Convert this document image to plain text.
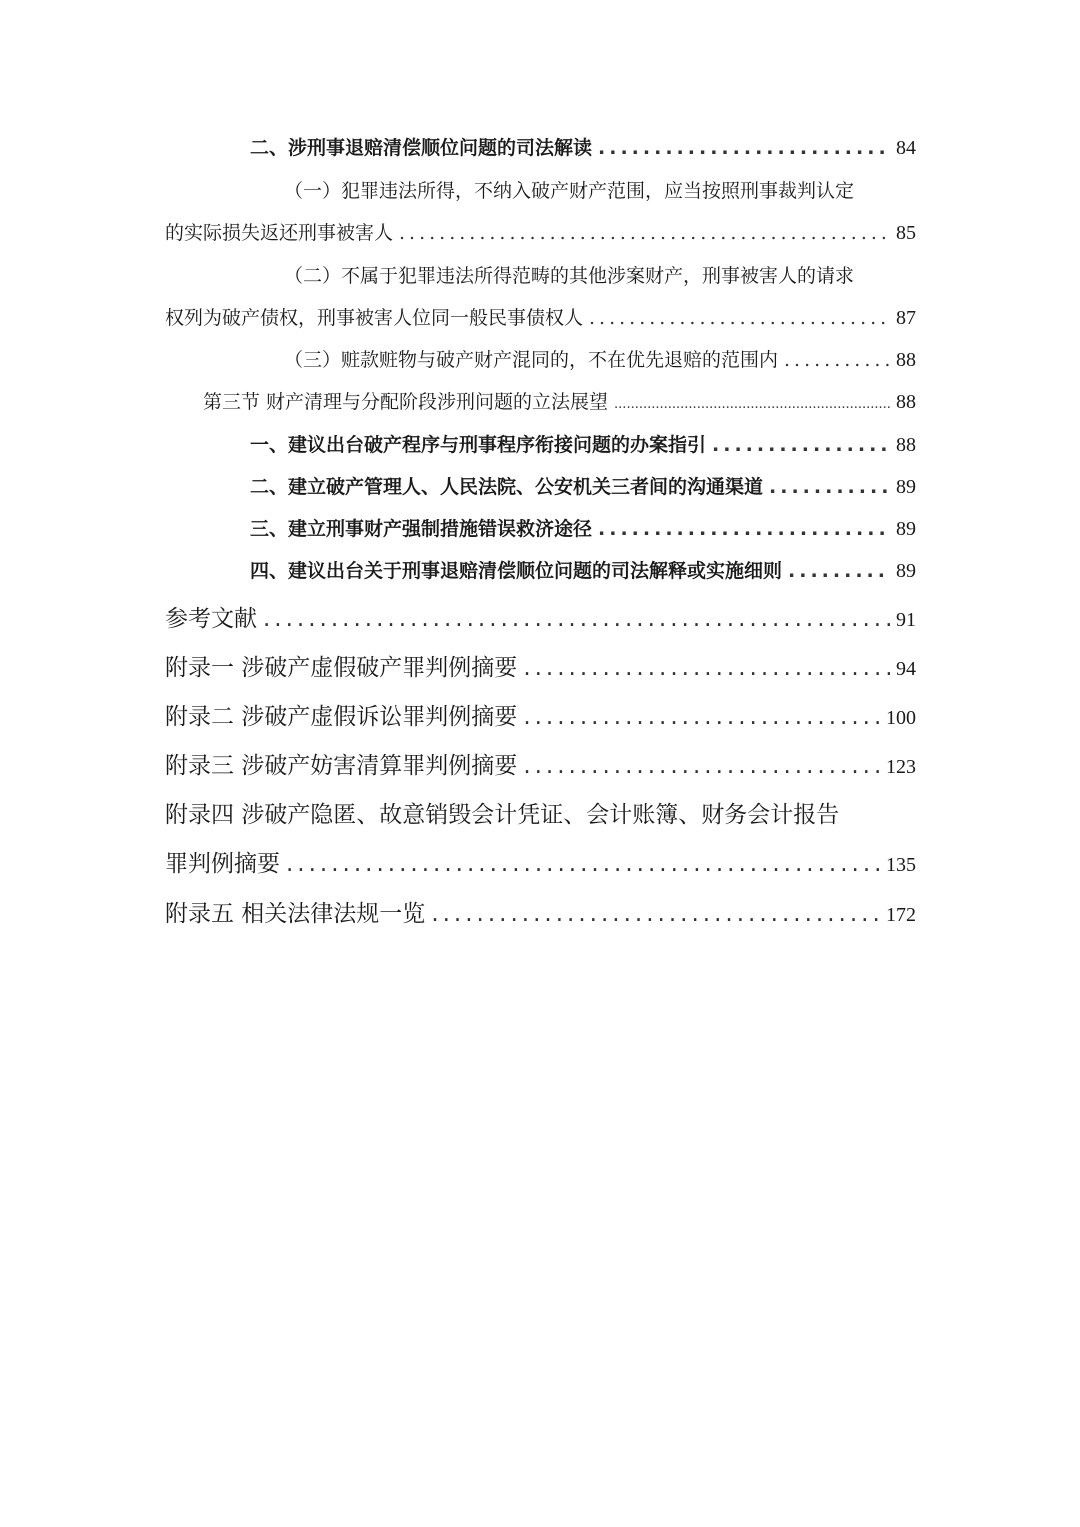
二、涉刑事退赔清偿顺位问题的司法解读 .....	84
（一）犯罪违法所得，不纳入破产财产范围，应当按照刑事裁判认定
的实际损失返还刑事被害人 .....	85
（二）不属于犯罪违法所得范畴的其他涉案财产，刑事被害人的请求
权列为破产债权，刑事被害人位同一般民事债权人 .....	87
（三）赃款赃物与破产财产混同的，不在优先退赔的范围内 .....	88
第三节 财产清理与分配阶段涉刑问题的立法展望 .....	88
一、建议出台破产程序与刑事程序衔接问题的办案指引 .....	88
二、建立破产管理人、人民法院、公安机关三者间的沟通渠道 .....	89
三、建立刑事财产强制措施错误救济途径 .....	89
四、建议出台关于刑事退赔清偿顺位问题的司法解释或实施细则 .....	89
参考文献 .....	91
附录一 涉破产虚假破产罪判例摘要 .....	94
附录二 涉破产虚假诉讼罪判例摘要 .....	100
附录三 涉破产妨害清算罪判例摘要 .....	123
附录四 涉破产隐匿、故意销毁会计凭证、会计账簿、财务会计报告
罪判例摘要 .....	135
附录五 相关法律法规一览 .....	172
